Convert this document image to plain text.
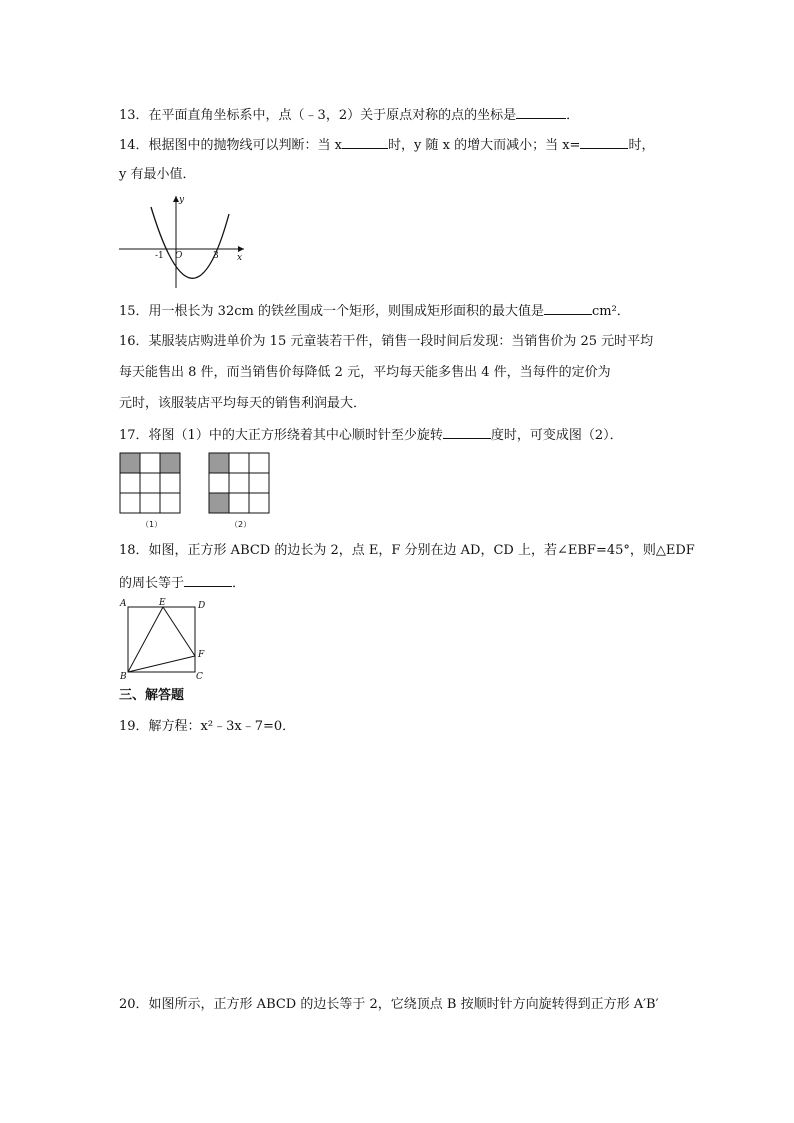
13．在平面直角坐标系中，点（﹣3，2）关于原点对称的点的坐标是	．
14．根据图中的抛物线可以判断：当 x	时，y 随 x 的增大而减小；当 x=	时，
y 有最小值．
y
x
O
-1	3
15．用一根长为 32cm 的铁丝围成一个矩形，则围成矩形面积的最大值是	cm²．
16．某服装店购进单价为 15 元童装若干件，销售一段时间后发现：当销售价为 25 元时平均
每天能售出 8 件，而当销售价每降低 2 元，平均每天能多售出 4 件，当每件的定价为
元时，该服装店平均每天的销售利润最大．
17．将图（1）中的大正方形绕着其中心顺时针至少旋转	度时，可变成图（2）．
（1）	（2）
18．如图，正方形 ABCD 的边长为 2，点 E，F 分别在边 AD，CD 上，若∠EBF=45°，则△EDF
的周长等于	．
A	E	D
B	C
F
三、解答题
19．解方程：x²﹣3x﹣7=0．
20．如图所示，正方形 ABCD 的边长等于 2，它绕顶点 B 按顺时针方向旋转得到正方形 A′B′
